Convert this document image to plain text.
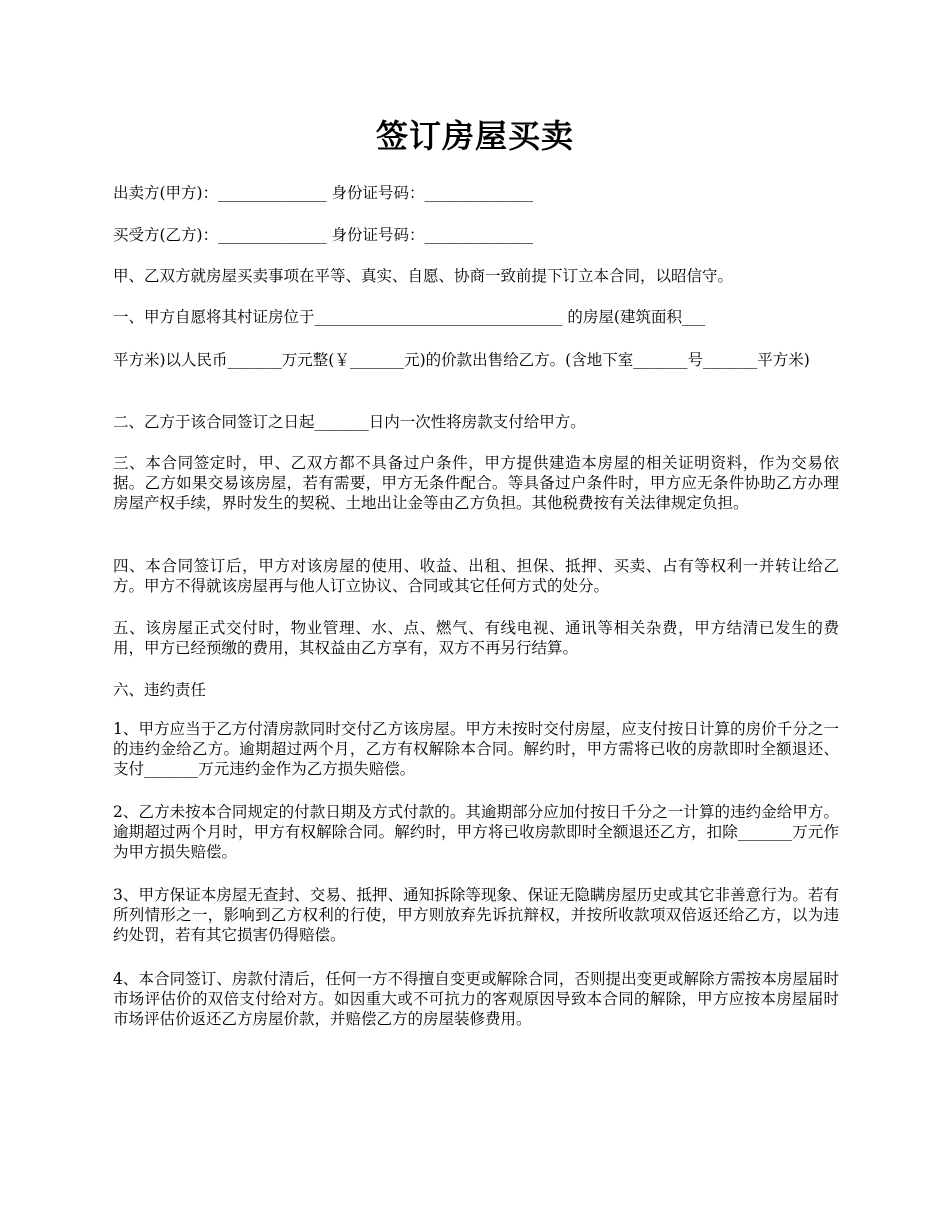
签订房屋买卖
出卖方(甲方)：______________ 身份证号码：______________
买受方(乙方)：______________ 身份证号码：______________
甲、乙双方就房屋买卖事项在平等、真实、自愿、协商一致前提下订立本合同，以昭信守。
一、甲方自愿将其村证房位于________________________________ 的房屋(建筑面积___
平方米)以人民币_______万元整(￥_______元)的价款出售给乙方。(含地下室_______号_______平方米)
二、乙方于该合同签订之日起_______日内一次性将房款支付给甲方。
三、本合同签定时，甲、乙双方都不具备过户条件，甲方提供建造本房屋的相关证明资料，作为交易依据。乙方如果交易该房屋，若有需要，甲方无条件配合。等具备过户条件时，甲方应无条件协助乙方办理房屋产权手续，界时发生的契税、土地出让金等由乙方负担。其他税费按有关法律规定负担。
四、本合同签订后，甲方对该房屋的使用、收益、出租、担保、抵押、买卖、占有等权利一并转让给乙方。甲方不得就该房屋再与他人订立协议、合同或其它任何方式的处分。
五、该房屋正式交付时，物业管理、水、点、燃气、有线电视、通讯等相关杂费，甲方结清已发生的费用，甲方已经预缴的费用，其权益由乙方享有，双方不再另行结算。
六、违约责任
1、甲方应当于乙方付清房款同时交付乙方该房屋。甲方未按时交付房屋，应支付按日计算的房价千分之一的违约金给乙方。逾期超过两个月，乙方有权解除本合同。解约时，甲方需将已收的房款即时全额退还、支付_______万元违约金作为乙方损失赔偿。
2、乙方未按本合同规定的付款日期及方式付款的。其逾期部分应加付按日千分之一计算的违约金给甲方。逾期超过两个月时，甲方有权解除合同。解约时，甲方将已收房款即时全额退还乙方，扣除_______万元作为甲方损失赔偿。
3、甲方保证本房屋无查封、交易、抵押、通知拆除等现象、保证无隐瞒房屋历史或其它非善意行为。若有所列情形之一，影响到乙方权利的行使，甲方则放弃先诉抗辩权，并按所收款项双倍返还给乙方，以为违约处罚，若有其它损害仍得赔偿。
4、本合同签订、房款付清后，任何一方不得擅自变更或解除合同，否则提出变更或解除方需按本房屋届时市场评估价的双倍支付给对方。如因重大或不可抗力的客观原因导致本合同的解除，甲方应按本房屋届时市场评估价返还乙方房屋价款，并赔偿乙方的房屋装修费用。
